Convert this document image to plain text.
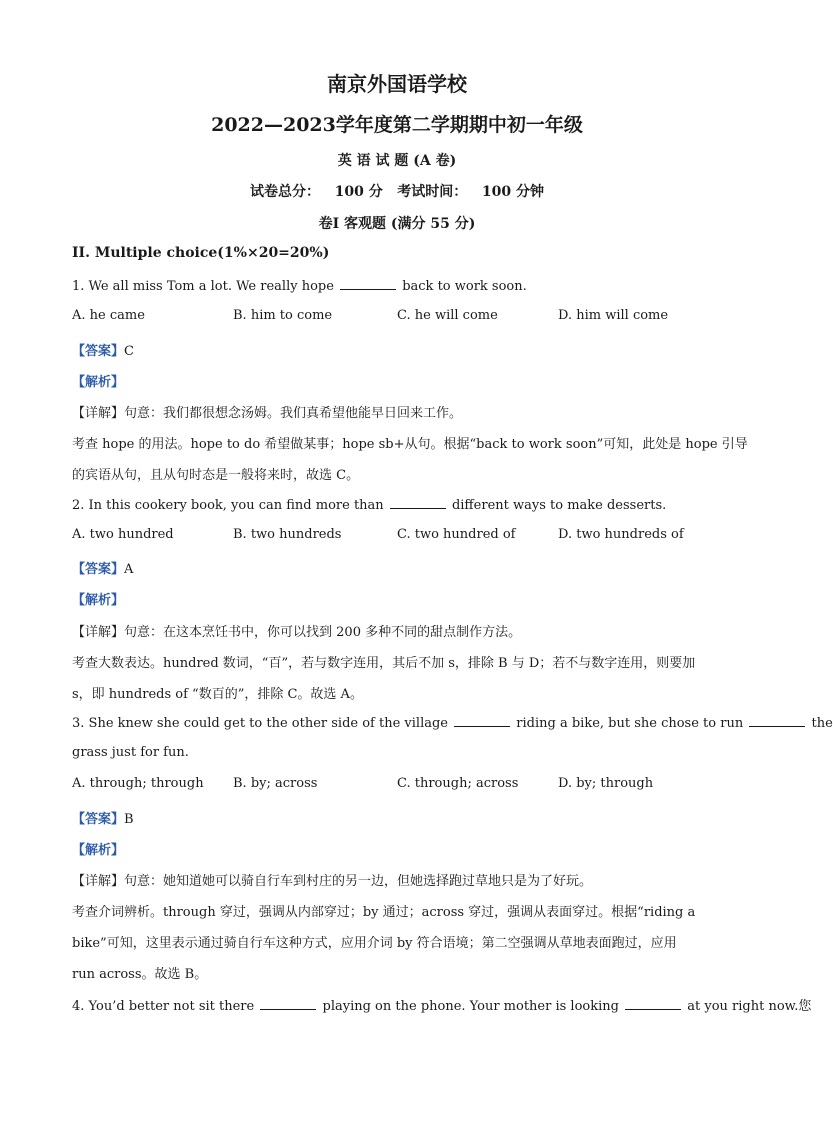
南京外国语学校
2022—2023学年度第二学期期中初一年级
英 语 试 题 (A 卷)
试卷总分：   100 分   考试时间：   100 分钟
卷Ⅰ 客观题 (满分 55 分)
II. Multiple choice(1%×20=20%)
1. We all miss Tom a lot. We really hope	back to work soon.
A. he came	B. him to come	C. he will come	D. him will come
【答案】C
【解析】
【详解】句意：我们都很想念汤姆。我们真希望他能早日回来工作。
考查 hope 的用法。hope to do 希望做某事；hope sb+从句。根据“back to work soon”可知，此处是 hope 引导
的宾语从句，且从句时态是一般将来时，故选 C。
2. In this cookery book, you can find more than	different ways to make desserts.
A. two hundred	B. two hundreds	C. two hundred of	D. two hundreds of
【答案】A
【解析】
【详解】句意：在这本烹饪书中，你可以找到 200 多种不同的甜点制作方法。
考查大数表达。hundred 数词，“百”，若与数字连用，其后不加 s，排除 B 与 D；若不与数字连用，则要加
s，即 hundreds of “数百的”，排除 C。故选 A。
3. She knew she could get to the other side of the village	riding a bike, but she chose to run	the
grass just for fun.
A. through; through B. by; across	C. through; across	D. by; through
【答案】B
【解析】
【详解】句意：她知道她可以骑自行车到村庄的另一边，但她选择跑过草地只是为了好玩。
考查介词辨析。through 穿过，强调从内部穿过；by 通过；across 穿过，强调从表面穿过。根据“riding a
bike”可知，这里表示通过骑自行车这种方式，应用介词 by 符合语境；第二空强调从草地表面跑过，应用
run across。故选 B。
4. You’d better not sit there	playing on the phone. Your mother is looking	at you right now.您
